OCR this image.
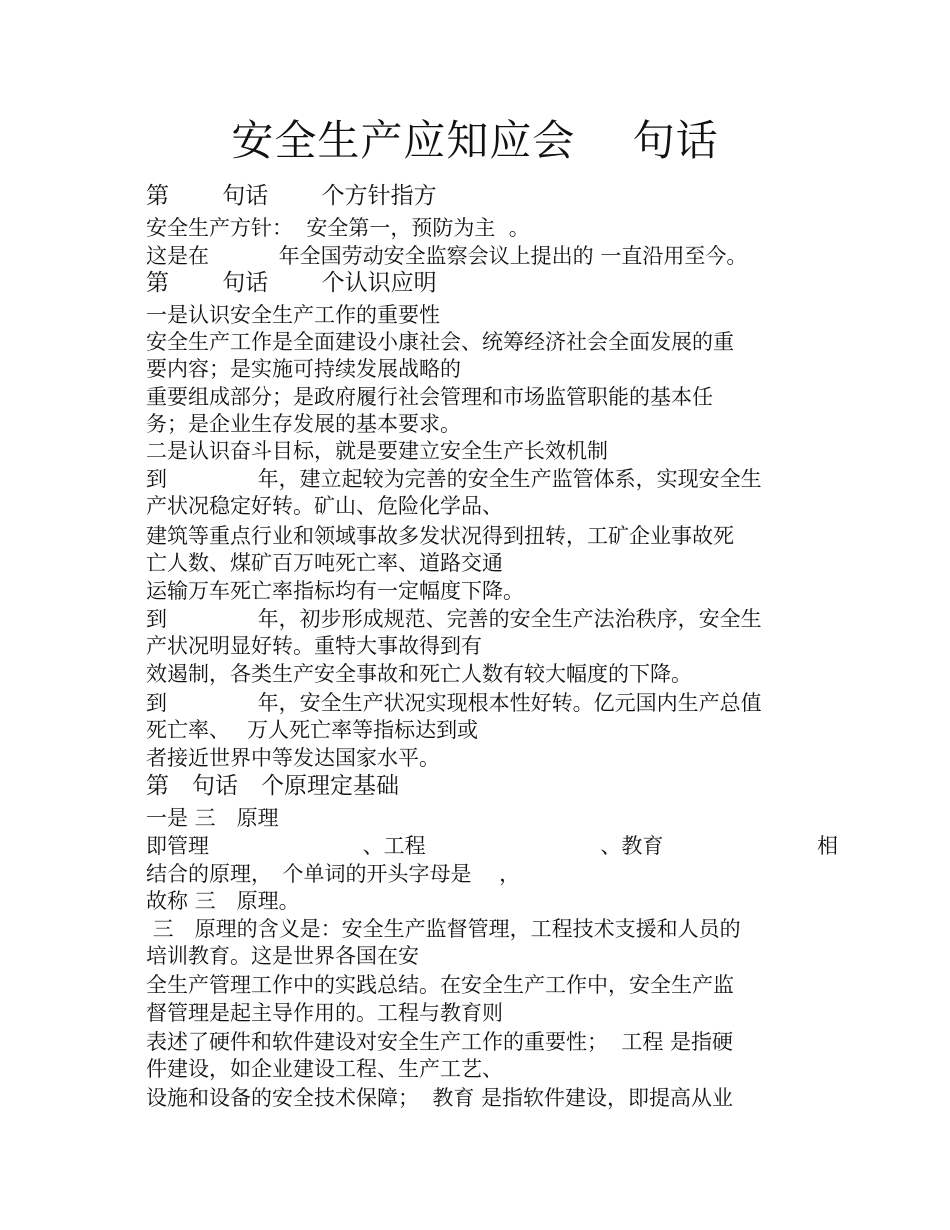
安全生产应知应会　 句话
第　　 句话　　 个方针指方
安全生产方针：  安全第一，预防为主  。
这是在　　　 年全国劳动安全监察会议上提出的 一直沿用至今。
第　　 句话　　 个认识应明
一是认识安全生产工作的重要性
安全生产工作是全面建设小康社会、统筹经济社会全面发展的重
要内容；是实施可持续发展战略的
重要组成部分；是政府履行社会管理和市场监管职能的基本任
务；是企业生存发展的基本要求。
二是认识奋斗目标，就是要建立安全生产长效机制
到　　　　 年，建立起较为完善的安全生产监管体系，实现安全生
产状况稳定好转。矿山、危险化学品、
建筑等重点行业和领域事故多发状况得到扭转，工矿企业事故死
亡人数、煤矿百万吨死亡率、道路交通
运输万车死亡率指标均有一定幅度下降。
到　　　　 年，初步形成规范、完善的安全生产法治秩序，安全生
产状况明显好转。重特大事故得到有
效遏制，各类生产安全事故和死亡人数有较大幅度的下降。
到　　　　 年，安全生产状况实现根本性好转。亿元国内生产总值
死亡率、　 万人死亡率等指标达到或
者接近世界中等发达国家水平。
第　句话　个原理定基础
一是 三　原理
即管理　　　　　　　 、工程　　　　　　　　 、教育　　　　　　　 相
结合的原理，　个单词的开头字母是　 ，
故称 三　原理。
三　原理的含义是：安全生产监督管理，工程技术支援和人员的
培训教育。这是世界各国在安
全生产管理工作中的实践总结。在安全生产工作中，安全生产监
督管理是起主导作用的。工程与教育则
表述了硬件和软件建设对安全生产工作的重要性；  工程 是指硬
件建设，如企业建设工程、生产工艺、
设施和设备的安全技术保障；  教育 是指软件建设，即提高从业
